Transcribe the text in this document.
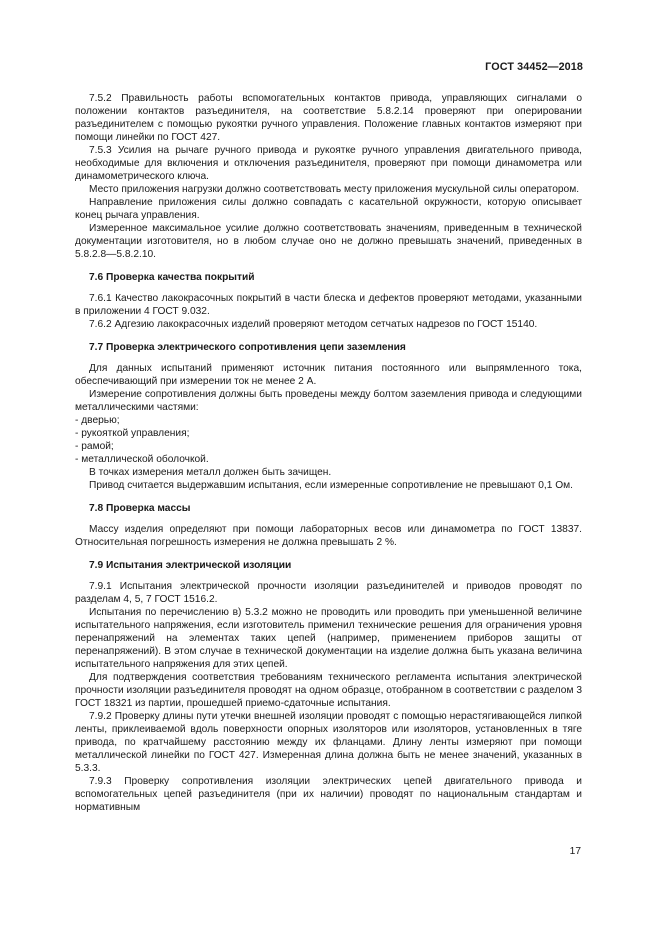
ГОСТ 34452—2018

7.5.2 Правильность работы вспомогательных контактов привода, управляющих сигналами о положении контактов разъединителя, на соответствие 5.8.2.14 проверяют при оперировании разъединителем с помощью рукоятки ручного управления. Положение главных контактов измеряют при помощи линейки по ГОСТ 427.

7.5.3 Усилия на рычаге ручного привода и рукоятке ручного управления двигательного привода, необходимые для включения и отключения разъединителя, проверяют при помощи динамометра или динамометрического ключа.

Место приложения нагрузки должно соответствовать месту приложения мускульной силы оператором.

Направление приложения силы должно совпадать с касательной окружности, которую описывает конец рычага управления.

Измеренное максимальное усилие должно соответствовать значениям, приведенным в технической документации изготовителя, но в любом случае оно не должно превышать значений, приведенных в 5.8.2.8—5.8.2.10.

7.6 Проверка качества покрытий

7.6.1 Качество лакокрасочных покрытий в части блеска и дефектов проверяют методами, указанными в приложении 4 ГОСТ 9.032.

7.6.2 Адгезию лакокрасочных изделий проверяют методом сетчатых надрезов по ГОСТ 15140.

7.7 Проверка электрического сопротивления цепи заземления

Для данных испытаний применяют источник питания постоянного или выпрямленного тока, обеспечивающий при измерении ток не менее 2 А.

Измерение сопротивления должны быть проведены между болтом заземления привода и следующими металлическими частями:

- дверью;
- рукояткой управления;
- рамой;
- металлической оболочкой.

В точках измерения металл должен быть зачищен.

Привод считается выдержавшим испытания, если измеренные сопротивление не превышают 0,1 Ом.

7.8 Проверка массы

Массу изделия определяют при помощи лабораторных весов или динамометра по ГОСТ 13837. Относительная погрешность измерения не должна превышать 2 %.

7.9 Испытания электрической изоляции

7.9.1 Испытания электрической прочности изоляции разъединителей и приводов проводят по разделам 4, 5, 7 ГОСТ 1516.2.

Испытания по перечислению в) 5.3.2 можно не проводить или проводить при уменьшенной величине испытательного напряжения, если изготовитель применил технические решения для ограничения уровня перенапряжений на элементах таких цепей (например, применением приборов защиты от перенапряжений). В этом случае в технической документации на изделие должна быть указана величина испытательного напряжения для этих цепей.

Для подтверждения соответствия требованиям технического регламента испытания электрической прочности изоляции разъединителя проводят на одном образце, отобранном в соответствии с разделом 3 ГОСТ 18321 из партии, прошедшей приемо-сдаточные испытания.

7.9.2 Проверку длины пути утечки внешней изоляции проводят с помощью нерастягивающейся липкой ленты, приклеиваемой вдоль поверхности опорных изоляторов или изоляторов, установленных в тяге привода, по кратчайшему расстоянию между их фланцами. Длину ленты измеряют при помощи металлической линейки по ГОСТ 427. Измеренная длина должна быть не менее значений, указанных в 5.3.3.

7.9.3 Проверку сопротивления изоляции электрических цепей двигательного привода и вспомогательных цепей разъединителя (при их наличии) проводят по национальным стандартам и нормативным

17
